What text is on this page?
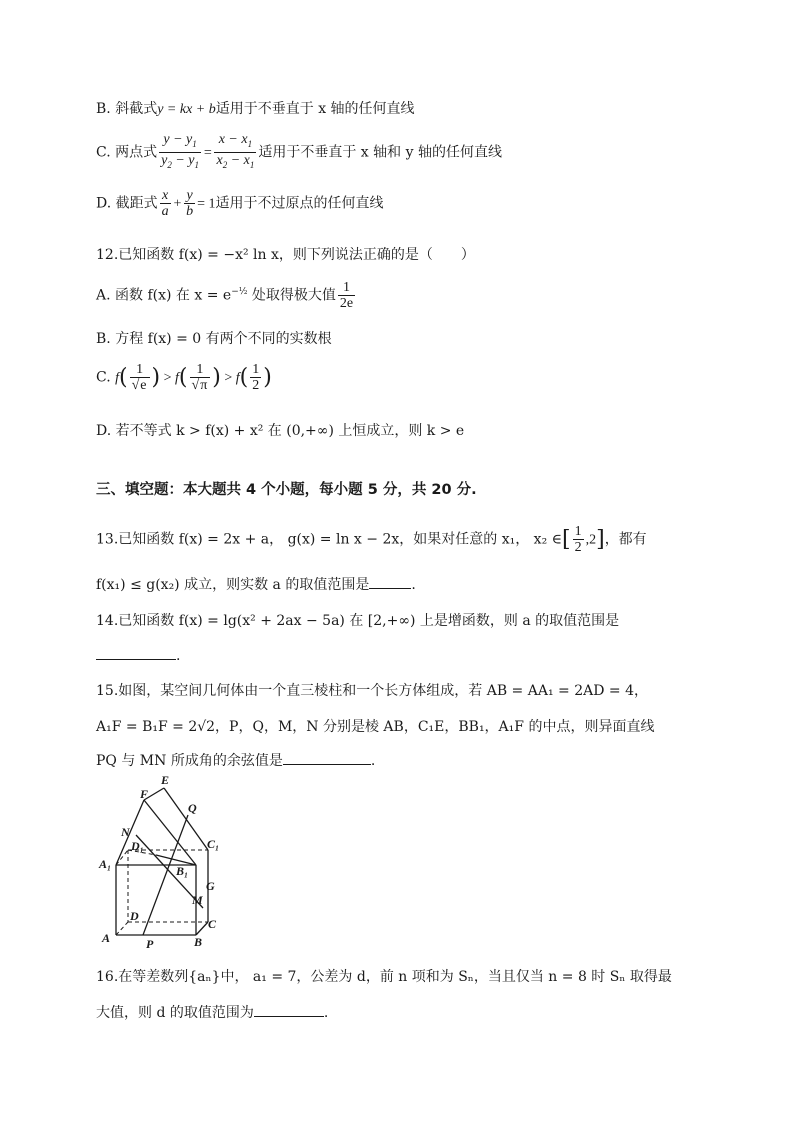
B. 斜截式y = kx + b适用于不垂直于 x 轴的任何直线
C. 两点式 $\frac{y - y_1}{y_2 - y_1} = \frac{x - x_1}{x_2 - x_1}$ 适用于不垂直于 x 轴和 y 轴的任何直线
D. 截距式 $\frac{x}{a} + \frac{y}{b} = 1$适用于不过原点的任何直线
12.已知函数 f(x) = −x² ln x，则下列说法正确的是（　　）
A. 函数 f(x) 在 $x = e^{-\frac{1}{2}}$ 处取得极大值 $\frac{1}{2e}$
B. 方程 f(x) = 0 有两个不同的实数根
C. $f( \frac{1}{√e}$ ) > $f( \frac{1}{√\pi}$ ) > $f( \frac{1}{2}$ )
D. 若不等式 k > f(x) + x² 在 (0,+∞) 上恒成立，则 k > e
三、填空题：本大题共 4 个小题，每小题 5 分，共 20 分.
13.已知函数 f(x) = 2x + a， g(x) = ln x − 2x，如果对任意的 x₁， x₂ ∈[ $\frac{1}{2} ,2$]，都有
f(x₁) ≤ g(x₂) 成立，则实数 a 的取值范围是	.
14.已知函数 f(x) = lg(x² + 2ax − 5a) 在 [2,+∞) 上是增函数，则 a 的取值范围是
.
15.如图，某空间几何体由一个直三棱柱和一个长方体组成，若 AB = AA₁ = 2AD = 4，
A₁F = B₁F = 2√2，P，Q，M，N 分别是棱 AB，C₁E，BB₁，A₁F 的中点，则异面直线
PQ 与 MN 所成角的余弦值是	.
E
F
Q
N
C₁
D₁
A₁	B₁
G
M
D
C
A	P	B
16.在等差数列{aₙ}中， a₁ = 7，公差为 d，前 n 项和为 Sₙ，当且仅当 n = 8 时 Sₙ 取得最
大值，则 d 的取值范围为	.
